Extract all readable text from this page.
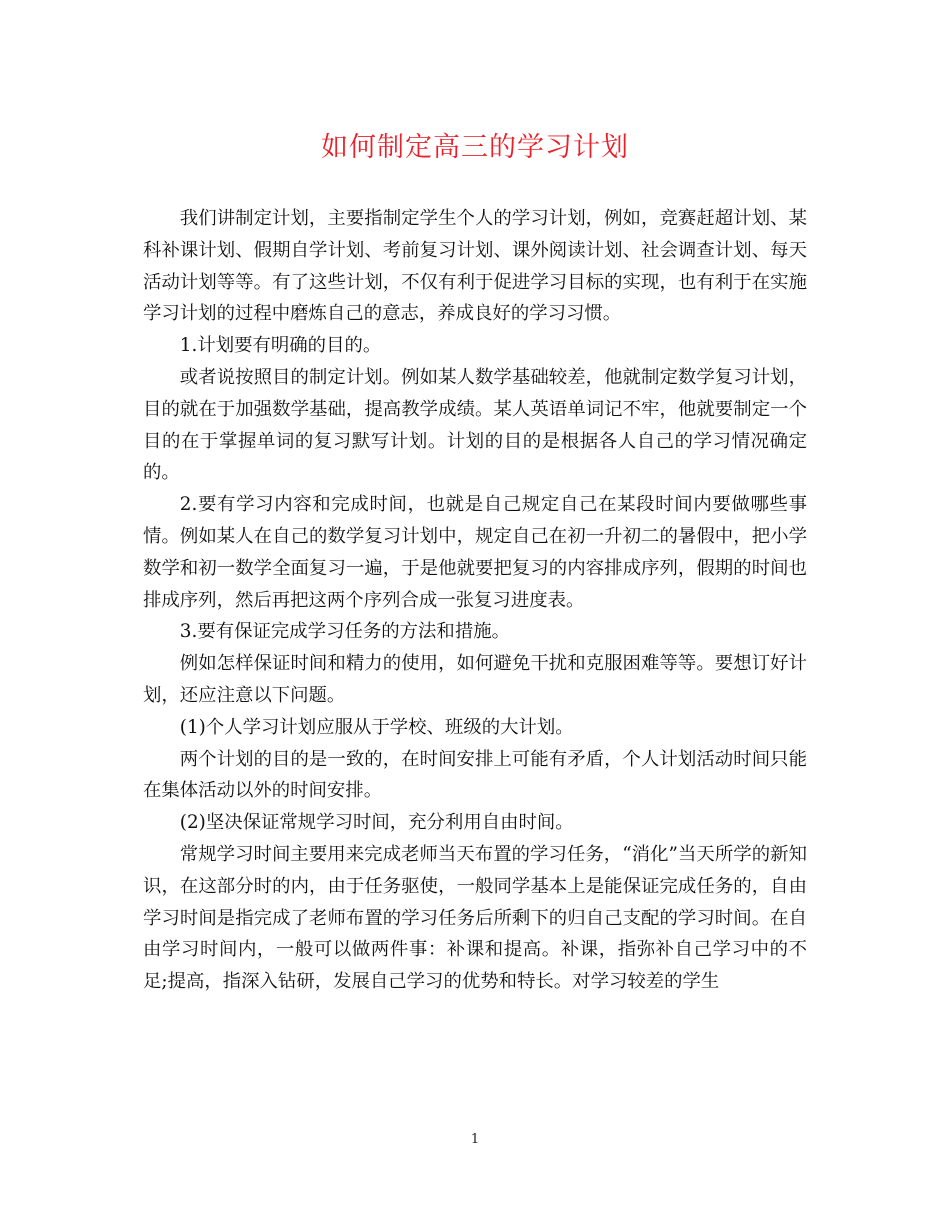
如何制定高三的学习计划

我们讲制定计划，主要指制定学生个人的学习计划，例如，竞赛赶超计划、某科补课计划、假期自学计划、考前复习计划、课外阅读计划、社会调查计划、每天活动计划等等。有了这些计划，不仅有利于促进学习目标的实现，也有利于在实施学习计划的过程中磨炼自己的意志，养成良好的学习习惯。

1.计划要有明确的目的。

或者说按照目的制定计划。例如某人数学基础较差，他就制定数学复习计划，目的就在于加强数学基础，提高教学成绩。某人英语单词记不牢，他就要制定一个目的在于掌握单词的复习默写计划。计划的目的是根据各人自己的学习情况确定的。

2.要有学习内容和完成时间，也就是自己规定自己在某段时间内要做哪些事情。例如某人在自己的数学复习计划中，规定自己在初一升初二的暑假中，把小学数学和初一数学全面复习一遍，于是他就要把复习的内容排成序列，假期的时间也排成序列，然后再把这两个序列合成一张复习进度表。

3.要有保证完成学习任务的方法和措施。

例如怎样保证时间和精力的使用，如何避免干扰和克服困难等等。要想订好计划，还应注意以下问题。

(1)个人学习计划应服从于学校、班级的大计划。

两个计划的目的是一致的，在时间安排上可能有矛盾，个人计划活动时间只能在集体活动以外的时间安排。

(2)坚决保证常规学习时间，充分利用自由时间。

常规学习时间主要用来完成老师当天布置的学习任务，“消化”当天所学的新知识，在这部分时的内，由于任务驱使，一般同学基本上是能保证完成任务的，自由学习时间是指完成了老师布置的学习任务后所剩下的归自己支配的学习时间。在自由学习时间内，一般可以做两件事：补课和提高。补课，指弥补自己学习中的不足;提高，指深入钻研，发展自己学习的优势和特长。对学习较差的学生

1
